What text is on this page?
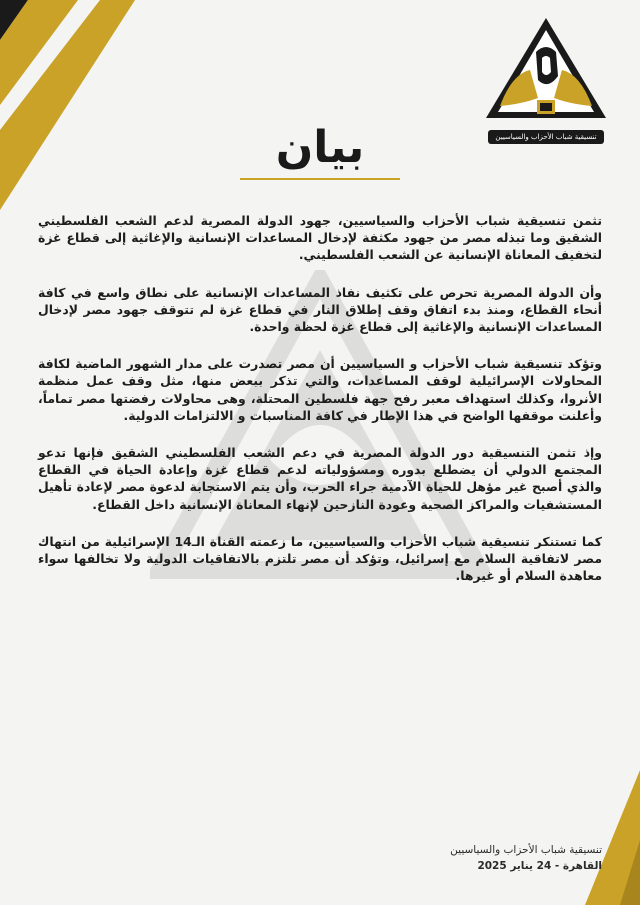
تنسيقية شباب الأحزاب والسياسيين
بيان

تثمن تنسيقية شباب الأحزاب والسياسيين، جهود الدولة المصرية لدعم الشعب الفلسطيني الشقيق وما تبذله مصر من جهود مكثفة لإدخال المساعدات الإنسانية والإغاثية إلى قطاع غزة لتخفيف المعاناة الإنسانية عن الشعب الفلسطيني.

وأن الدولة المصرية تحرص على تكثيف نفاذ المساعدات الإنسانية على نطاق واسع في كافة أنحاء القطاع، ومنذ بدء اتفاق وقف إطلاق النار في قطاع غزة لم تتوقف جهود مصر لإدخال المساعدات الإنسانية والإغاثية إلى قطاع غزة لحظة واحدة.

وتؤكد تنسيقية شباب الأحزاب و السياسيين أن مصر تصدرت على مدار الشهور الماضية لكافة المحاولات الإسرائيلية لوقف المساعدات، والتي تذكر ببعض منها، مثل وقف عمل منظمة الأنروا، وكذلك استهداف معبر رفح جهة فلسطين المحتلة، وهى محاولات رفضتها مصر تماماً، وأعلنت موقفها الواضح في هذا الإطار في كافة المناسبات و الالتزامات الدولية.

وإذ تثمن التنسيقية دور الدولة المصرية في دعم الشعب الفلسطيني الشقيق فإنها تدعو المجتمع الدولي أن يضطلع بدوره ومسؤولياته لدعم قطاع غزة وإعادة الحياة في القطاع والذي أصبح غير مؤهل للحياة الآدمية جراء الحرب، وأن يتم الاستجابة لدعوة مصر لإعادة تأهيل المستشفيات والمراكز الصحية وعودة النازحين لإنهاء المعاناة الإنسانية داخل القطاع.

كما تستنكر تنسيقية شباب الأحزاب والسياسيين، ما زعمته القناة الـ14 الإسرائيلية من انتهاك مصر لاتفاقية السلام مع إسرائيل، وتؤكد أن مصر تلتزم بالاتفاقيات الدولية ولا تخالفها سواء معاهدة السلام أو غيرها.

تنسيقية شباب الأحزاب والسياسيين
القاهرة - 24 يناير 2025
